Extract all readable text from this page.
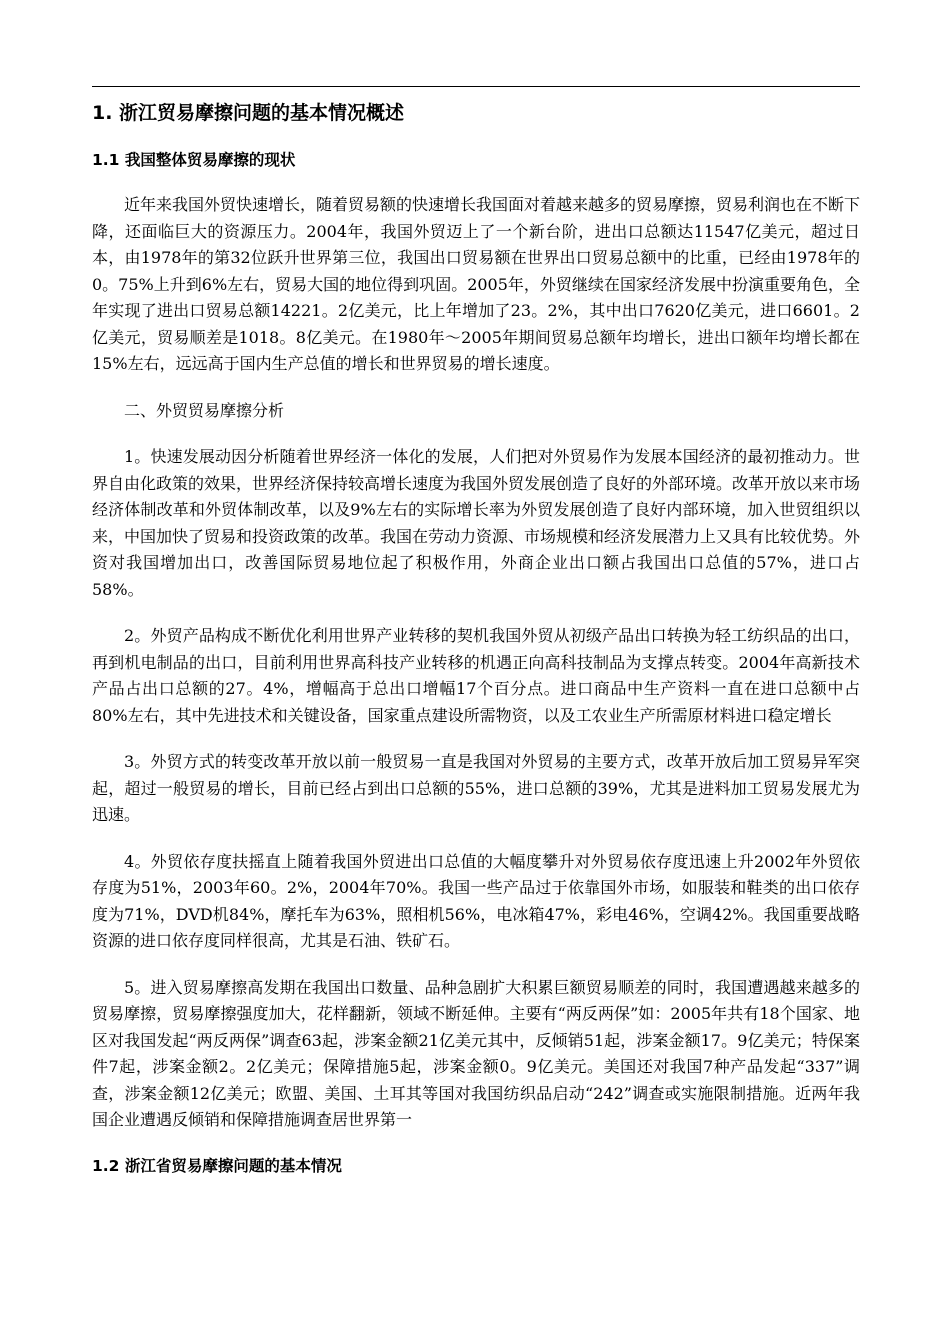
1. 浙江贸易摩擦问题的基本情况概述
1.1 我国整体贸易摩擦的现状

近年来我国外贸快速增长，随着贸易额的快速增长我国面对着越来越多的贸易摩擦，贸易利润也在不断下降，还面临巨大的资源压力。2004年，我国外贸迈上了一个新台阶，进出口总额达11547亿美元，超过日本，由1978年的第32位跃升世界第三位，我国出口贸易额在世界出口贸易总额中的比重，已经由1978年的0。75%上升到6%左右，贸易大国的地位得到巩固。2005年，外贸继续在国家经济发展中扮演重要角色，全年实现了进出口贸易总额14221。2亿美元，比上年增加了23。2%，其中出口7620亿美元，进口6601。2亿美元，贸易顺差是1018。8亿美元。在1980年～2005年期间贸易总额年均增长，进出口额年均增长都在15%左右，远远高于国内生产总值的增长和世界贸易的增长速度。

二、外贸贸易摩擦分析

1。快速发展动因分析随着世界经济一体化的发展，人们把对外贸易作为发展本国经济的最初推动力。世界自由化政策的效果，世界经济保持较高增长速度为我国外贸发展创造了良好的外部环境。改革开放以来市场经济体制改革和外贸体制改革，以及9%左右的实际增长率为外贸发展创造了良好内部环境，加入世贸组织以来，中国加快了贸易和投资政策的改革。我国在劳动力资源、市场规模和经济发展潜力上又具有比较优势。外资对我国增加出口，改善国际贸易地位起了积极作用，外商企业出口额占我国出口总值的57%，进口占58%。

2。外贸产品构成不断优化利用世界产业转移的契机我国外贸从初级产品出口转换为轻工纺织品的出口，再到机电制品的出口，目前利用世界高科技产业转移的机遇正向高科技制品为支撑点转变。2004年高新技术产品占出口总额的27。4%，增幅高于总出口增幅17个百分点。进口商品中生产资料一直在进口总额中占80%左右，其中先进技术和关键设备，国家重点建设所需物资，以及工农业生产所需原材料进口稳定增长

3。外贸方式的转变改革开放以前一般贸易一直是我国对外贸易的主要方式，改革开放后加工贸易异军突起，超过一般贸易的增长，目前已经占到出口总额的55%，进口总额的39%，尤其是进料加工贸易发展尤为迅速。

4。外贸依存度扶摇直上随着我国外贸进出口总值的大幅度攀升对外贸易依存度迅速上升2002年外贸依存度为51%，2003年60。2%，2004年70%。我国一些产品过于依靠国外市场，如服装和鞋类的出口依存度为71%，DVD机84%，摩托车为63%，照相机56%，电冰箱47%，彩电46%，空调42%。我国重要战略资源的进口依存度同样很高，尤其是石油、铁矿石。

5。进入贸易摩擦高发期在我国出口数量、品种急剧扩大积累巨额贸易顺差的同时，我国遭遇越来越多的贸易摩擦，贸易摩擦强度加大，花样翻新，领域不断延伸。主要有“两反两保”如：2005年共有18个国家、地区对我国发起“两反两保”调查63起，涉案金额21亿美元其中，反倾销51起，涉案金额17。9亿美元；特保案件7起，涉案金额2。2亿美元；保障措施5起，涉案金额0。9亿美元。美国还对我国7种产品发起“337”调查，涉案金额12亿美元；欧盟、美国、土耳其等国对我国纺织品启动“242”调查或实施限制措施。近两年我国企业遭遇反倾销和保障措施调查居世界第一

1.2 浙江省贸易摩擦问题的基本情况
